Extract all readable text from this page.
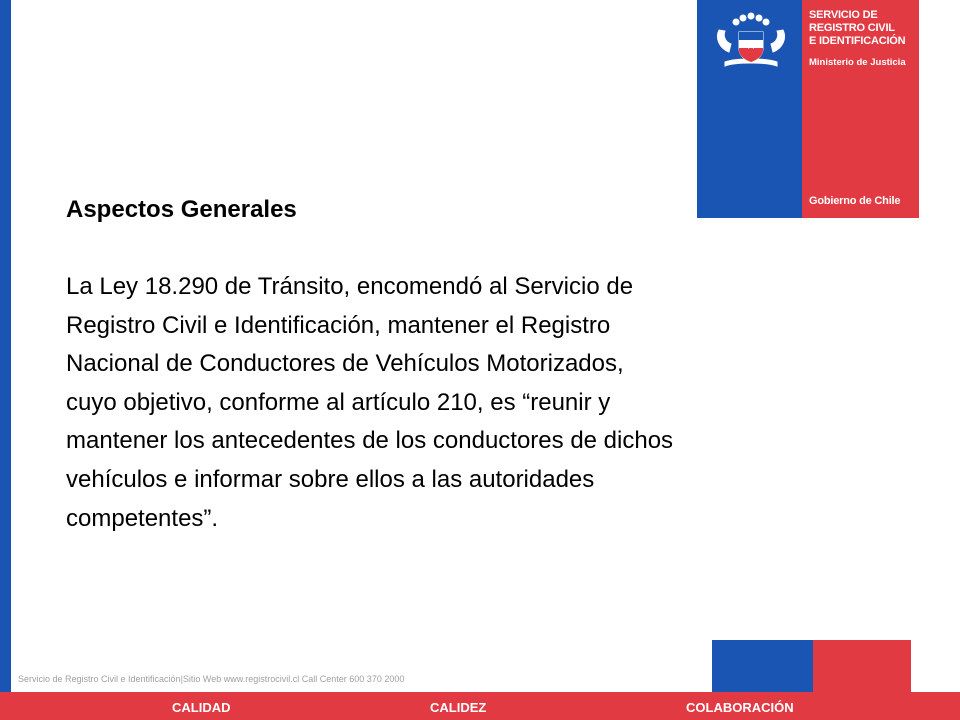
SERVICIO DE
REGISTRO CIVIL
E IDENTIFICACIÓN
Ministerio de Justicia
Gobierno de Chile
Aspectos Generales

La Ley 18.290 de Tránsito, encomendó al Servicio de
Registro Civil e Identificación, mantener el Registro
Nacional de Conductores de Vehículos Motorizados,
cuyo objetivo, conforme al artículo 210, es “reunir y
mantener los antecedentes de los conductores de dichos
vehículos e informar sobre ellos a las autoridades
competentes”.

Servicio de Registro Civil e Identificación|Sitio Web www.registrocivil.cl Call Center 600 370 2000
CALIDAD	CALIDEZ	COLABORACIÓN
